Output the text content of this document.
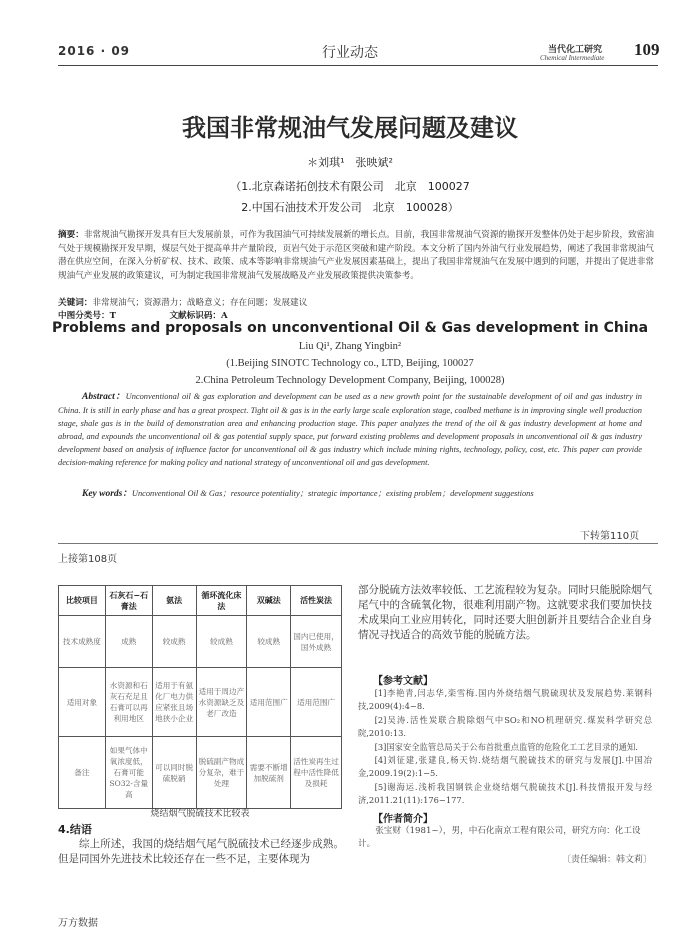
2016 · 09	行业动态	当代化工研究
Chemical Intermediate 109
我国非常规油气发展问题及建议
＊刘琪¹　张映斌²
（1.北京森诺拓创技术有限公司　北京　100027
2.中国石油技术开发公司　北京　100028）
摘要：非常规油气勘探开发具有巨大发展前景，可作为我国油气可持续发展新的增长点。目前，我国非常规油气资源的勘探开发整体仍处于起步阶段，致密油气处于规模勘探开发早期，煤层气处于提高单井产量阶段，页岩气处于示范区突破和建产阶段。本文分析了国内外油气行业发展趋势，阐述了我国非常规油气潜在供应空间，在深入分析矿权、技术、政策、成本等影响非常规油气产业发展因素基础上，提出了我国非常规油气在发展中遇到的问题，并提出了促进非常规油气产业发展的政策建议，可为制定我国非常规油气发展战略及产业发展政策提供决策参考。
关键词：非常规油气；资源潜力；战略意义；存在问题；发展建议
中图分类号：T	文献标识码：A
Problems and proposals on unconventional Oil & Gas development in China
Liu Qi¹, Zhang Yingbin²
(1.Beijing SINOTC Technology co., LTD, Beijing, 100027
2.China Petroleum Technology Development Company, Beijing, 100028)
Abstract：Unconventional oil & gas exploration and development can be used as a new growth point for the sustainable development of oil and gas industry in China. It is still in early phase and has a great prospect. Tight oil & gas is in the early large scale exploration stage, coalbed methane is in improving single well production stage, shale gas is in the build of demonstration area and enhancing production stage. This paper analyzes the trend of the oil & gas industry development at home and abroad, and expounds the unconventional oil & gas potential supply space, put forward existing problems and development proposals in unconventional oil & gas industry development based on analysis of influence factor for unconventional oil & gas industry which include mining rights, technology, policy, cost, etc. This paper can provide decision-making reference for making policy and national strategy of unconventional oil and gas development.
Key words：Unconventional Oil & Gas；resource potentiality；strategic importance；existing problem；development suggestions
下转第110页
上接第108页
比较项目	石灰石−石膏法	氨法	循环流化床法	双碱法	活性炭法
技术成熟度	成熟	较成熟	较成熟	较成熟	国内已使用，国外成熟
适用对象	水资源和石灰石充足且石膏可以再利用地区	适用于有氨化厂电力供应紧张且场地狭小企业	适用于周边产水资源缺乏及老厂改造	适用范围广	适用范围广
备注	如果气体中氧浓度低，石膏可能SO32-含量高	可以同时脱硫脱硝	脱硫副产物成分复杂，难于处理	需要不断增加脱硫剂	活性炭再生过程中活性降低及损耗
烧结烟气脱硫技术比较表
4.结语
综上所述，我国的烧结烟气尾气脱硫技术已经逐步成熟。但是同国外先进技术比较还存在一些不足，主要体现为
部分脱硫方法效率较低、工艺流程较为复杂。同时只能脱除烟气尾气中的含硫氧化物，很难利用副产物。这就要求我们要加快技术成果向工业应用转化，同时还要大胆创新并且要结合企业自身情况寻找适合的高效节能的脱硫方法。
【参考文献】
[1]李艳青,闫志华,栾雪梅.国内外烧结烟气脱硫现状及发展趋势.莱钢科技,2009(4):4−8.
[2]吴涛.活性炭联合脱除烟气中SO₂和NO机理研究.煤炭科学研究总院,2010:13.
[3]国家安全监管总局关于公布首批重点监管的危险化工工艺目录的通知.
[4]刘征建,张建良,杨天钧.烧结烟气脱硫技术的研究与发展[J].中国冶金,2009.19(2):1−5.
[5]谢海运.浅析我国钢铁企业烧结烟气脱硫技术[J].科技情报开发与经济,2011.21(11):176−177.
【作者简介】
张宝财（1981~），男，中石化南京工程有限公司，研究方向：化工设计。
〔责任编辑：韩文莉〕
万方数据
